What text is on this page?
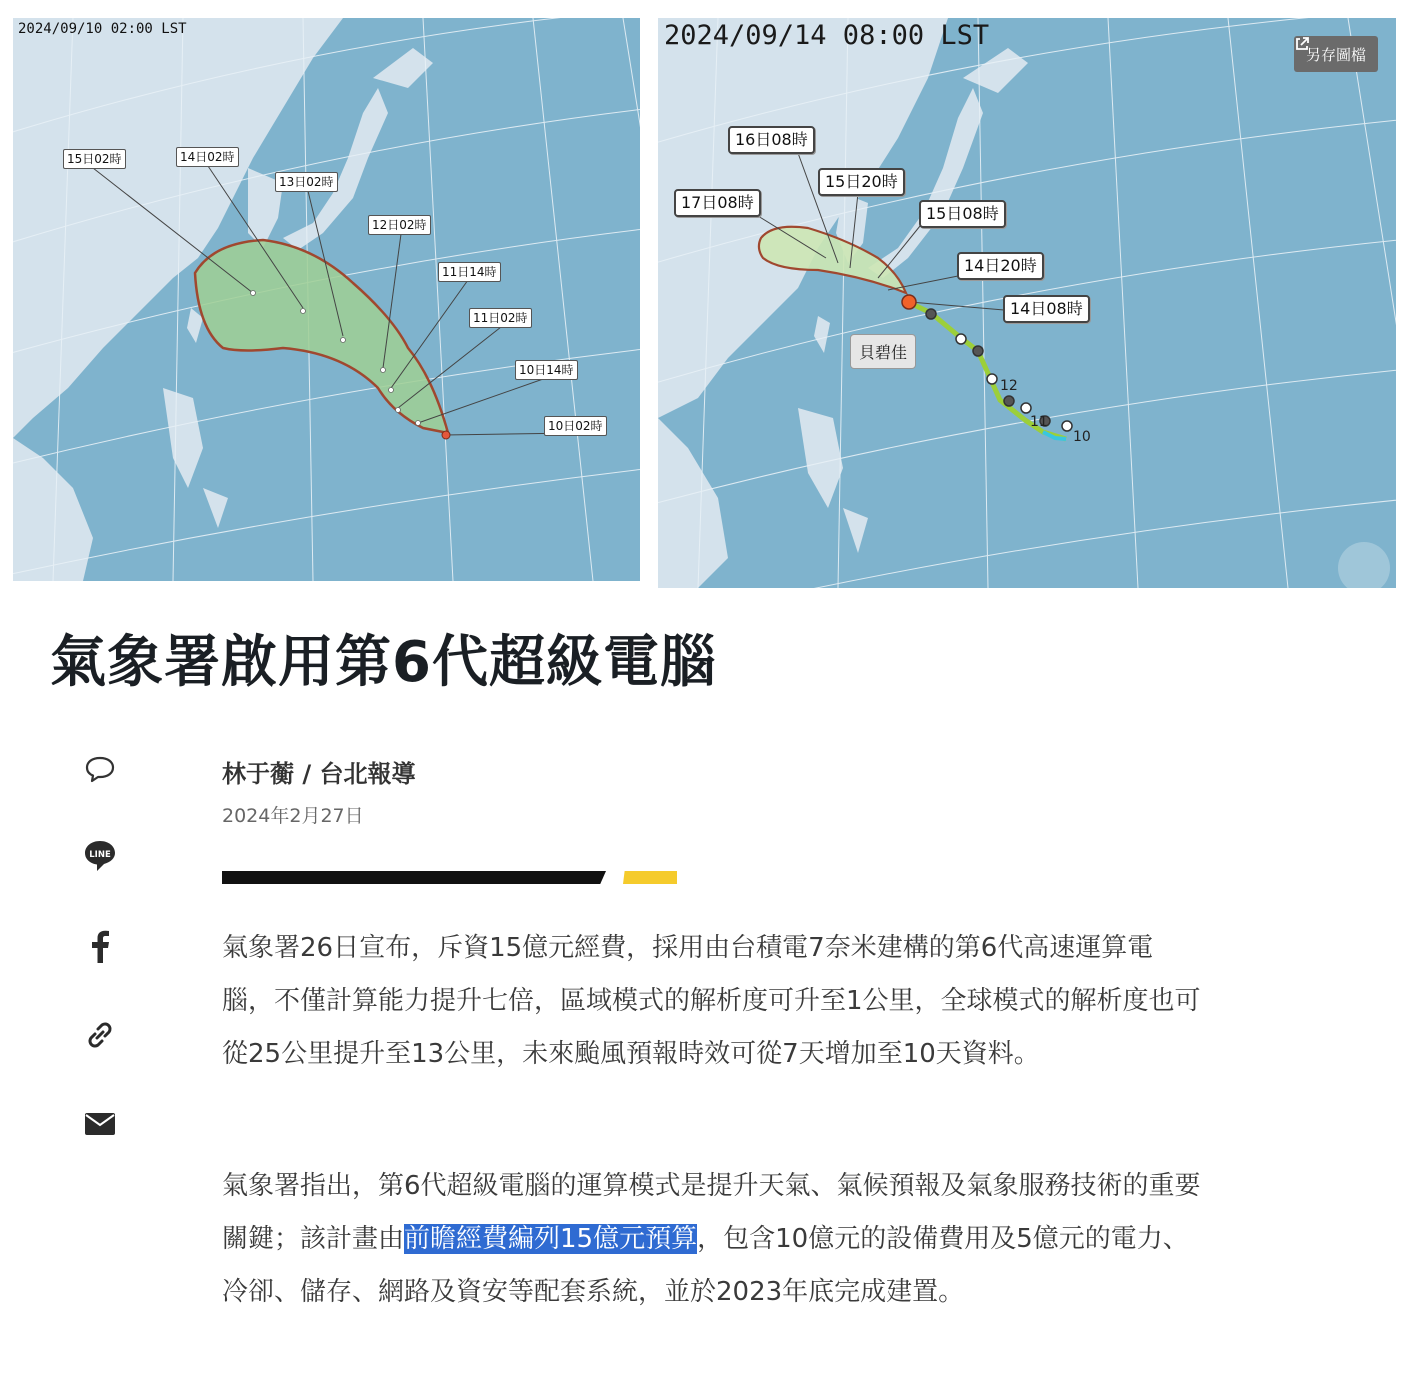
2024/09/10 02:00 LST
15日02時	14日02時
13日02時
12日02時
11日14時
11日02時
10日14時
10日02時
12
11
10
2024/09/14 08:00 LST
另存圖檔
16日08時
15日20時
17日08時
15日08時
14日20時
14日08時
貝碧佳
氣象署啟用第6代超級電腦
LINE
林于蘅 / 台北報導
2024年2月27日

氣象署26日宣布，斥資15億元經費，採用由台積電7奈米建構的第6代高速運算電腦，不僅計算能力提升七倍，區域模式的解析度可升至1公里，全球模式的解析度也可從25公里提升至13公里，未來颱風預報時效可從7天增加至10天資料。

氣象署指出，第6代超級電腦的運算模式是提升天氣、氣候預報及氣象服務技術的重要關鍵；該計畫由前瞻經費編列15億元預算，包含10億元的設備費用及5億元的電力、冷卻、儲存、網路及資安等配套系統，並於2023年底完成建置。
